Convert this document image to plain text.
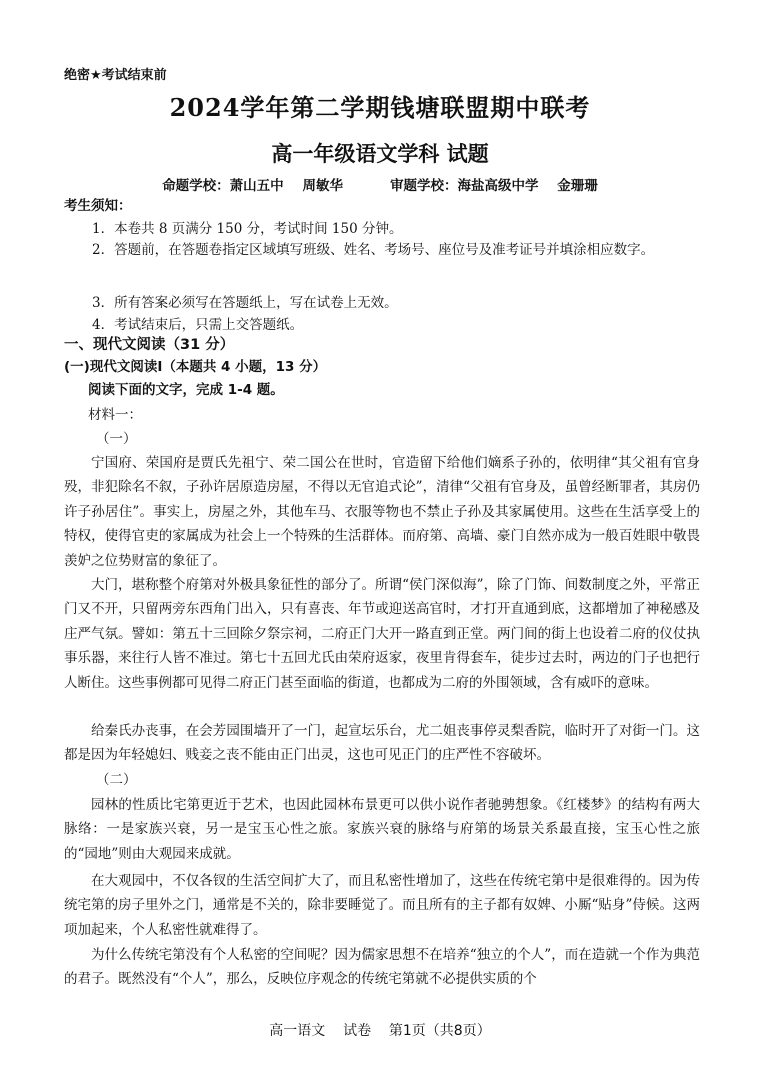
绝密★考试结束前
2024学年第二学期钱塘联盟期中联考
高一年级语文学科 试题
命题学校：萧山五中    周敏华          审题学校：海盐高级中学    金珊珊
考生须知：
1．本卷共 8 页满分 150 分，考试时间 150 分钟。
2．答题前，在答题卷指定区域填写班级、姓名、考场号、座位号及准考证号并填涂相应数字。
3．所有答案必须写在答题纸上，写在试卷上无效。
4．考试结束后，只需上交答题纸。
一、现代文阅读（31 分）
(一)现代文阅读Ⅰ（本题共 4 小题，13 分）
阅读下面的文字，完成 1-4 题。
材料一：
（一）
宁国府、荣国府是贾氏先祖宁、荣二国公在世时，官造留下给他们嫡系子孙的，依明律“其父祖有官身殁，非犯除名不叙，子孙许居原造房屋，不得以无官追式论”，清律“父祖有官身及，虽曾经断罪者，其房仍许子孙居住”。事实上，房屋之外，其他车马、衣服等物也不禁止子孙及其家属使用。这些在生活享受上的特权，使得官吏的家属成为社会上一个特殊的生活群体。而府第、高墙、豪门自然亦成为一般百姓眼中敬畏羡妒之位势财富的象征了。
大门，堪称整个府第对外极具象征性的部分了。所谓“侯门深似海”，除了门饰、间数制度之外，平常正门又不开，只留两旁东西角门出入，只有喜丧、年节或迎送高官时，才打开直通到底，这都增加了神秘感及庄严气氛。譬如：第五十三回除夕祭宗祠，二府正门大开一路直到正堂。两门间的街上也设着二府的仪仗执事乐器，来往行人皆不准过。第七十五回尤氏由荣府返家，夜里肯得套车，徒步过去时，两边的门子也把行人断住。这些事例都可见得二府正门甚至面临的街道，也都成为二府的外围领域，含有威吓的意味。
给秦氏办丧事，在会芳园围墙开了一门，起宣坛乐台，尤二姐丧事停灵梨香院，临时开了对街一门。这都是因为年轻媳妇、贱妾之丧不能由正门出灵，这也可见正门的庄严性不容破坏。
（二）
园林的性质比宅第更近于艺术，也因此园林布景更可以供小说作者驰骋想象。《红楼梦》的结构有两大脉络：一是家族兴衰，另一是宝玉心性之旅。家族兴衰的脉络与府第的场景关系最直接，宝玉心性之旅的“园地”则由大观园来成就。
在大观园中，不仅各钗的生活空间扩大了，而且私密性增加了，这些在传统宅第中是很难得的。因为传统宅第的房子里外之门，通常是不关的，除非要睡觉了。而且所有的主子都有奴婢、小厮“贴身”侍候。这两项加起来，个人私密性就难得了。
为什么传统宅第没有个人私密的空间呢？因为儒家思想不在培养“独立的个人”，而在造就一个作为典范的君子。既然没有“个人”，那么，反映位序观念的传统宅第就不必提供实质的个
高一语文    试卷    第1页（共8页）
